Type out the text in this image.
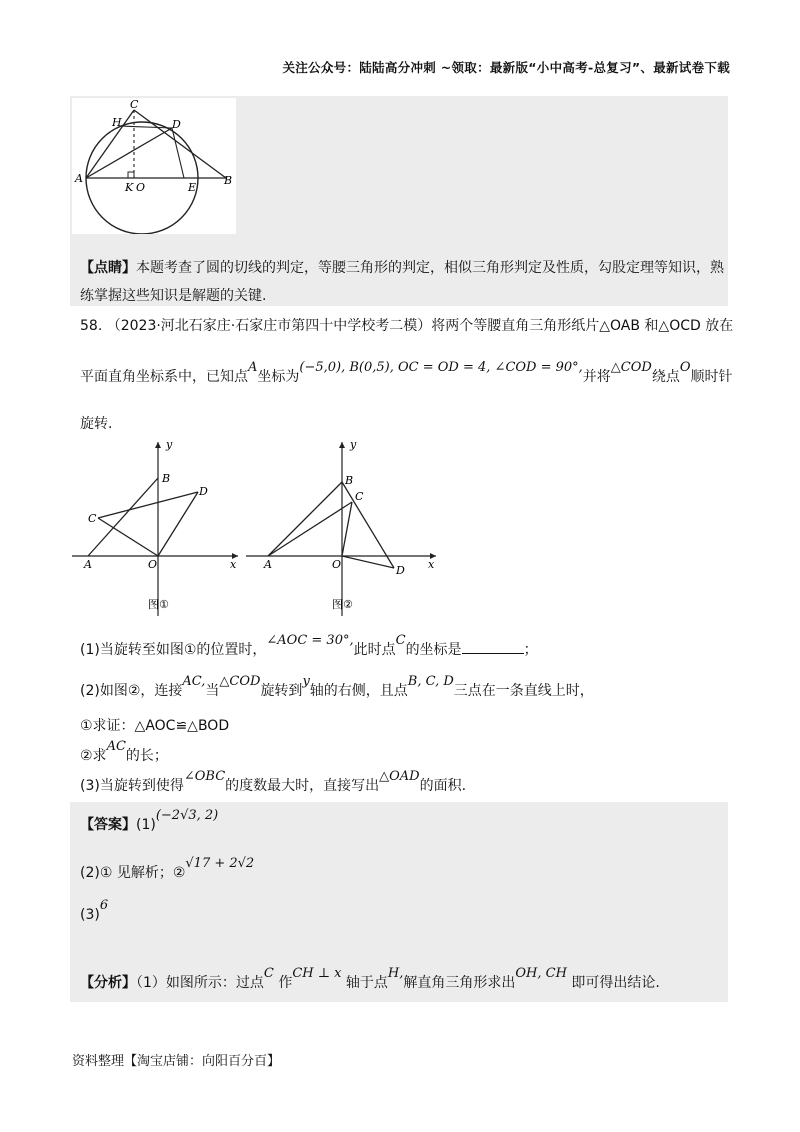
关注公众号：陆陆高分冲刺 ~领取：最新版“小中高考-总复习”、最新试卷下载
C
H	D
A
K O	E
B
【点睛】本题考查了圆的切线的判定，等腰三角形的判定，相似三角形判定及性质，勾股定理等知识，熟
练掌握这些知识是解题的关键.
58. （2023·河北石家庄·石家庄市第四十中学校考二模）将两个等腰直角三角形纸片△OAB 和△OCD 放在
平面直角坐标系中，已知点A坐标为(−5,0), B(0,5), OC = OD = 4, ∠COD = 90°,并将△COD绕点O顺时针
旋转.
y
x
B
D
C
A	O
图①
y
x
B
C
D
A	O
图②
(1)当旋转至如图①的位置时，∠AOC = 30°,此时点C的坐标是	；
(2)如图②，连接AC,当△COD旋转到y轴的右侧，且点B, C, D三点在一条直线上时，
①求证：△AOC≌△BOD
②求AC的长；
(3)当旋转到使得∠OBC的度数最大时，直接写出△OAD的面积.
【答案】(1)(−2√3, 2)
(2)① 见解析；②√17 + 2√2
(3)6
【分析】（1）如图所示：过点C 作CH ⊥ x 轴于点H,解直角三角形求出OH, CH 即可得出结论.
资料整理【淘宝店铺：向阳百分百】
